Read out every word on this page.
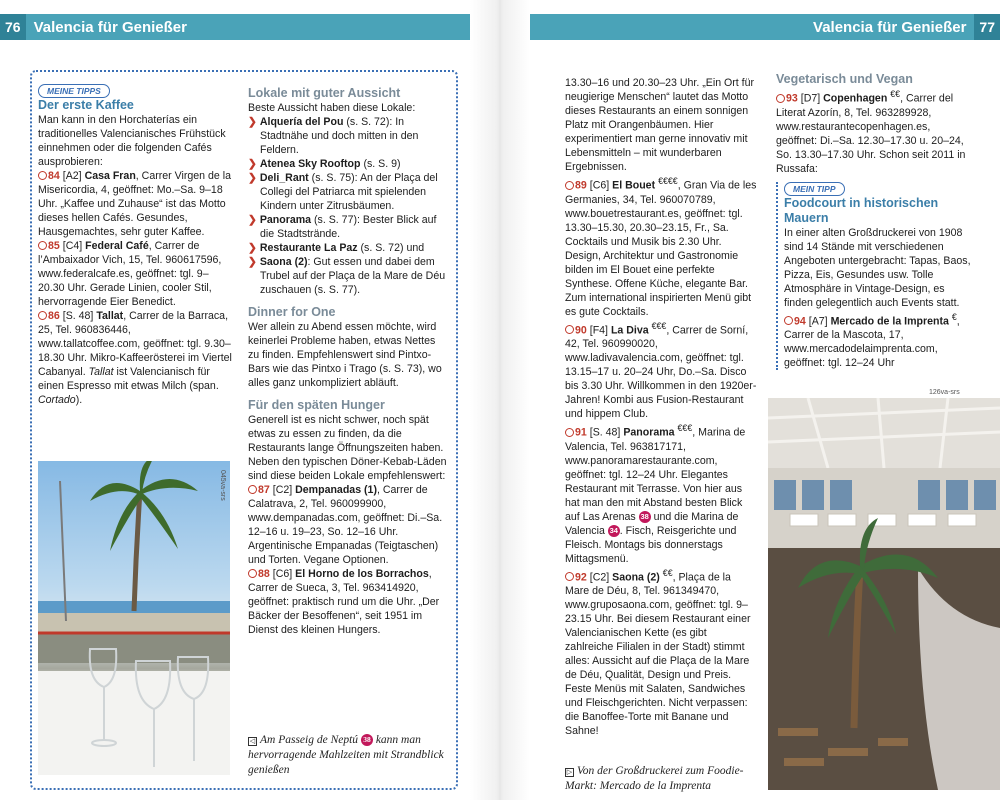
76 Valencia für Genießer	Valencia für Genießer 77
MEINE TIPPS
Der erste Kaffee

Man kann in den Horchaterías ein traditionelles Valencianisches Frühstück einnehmen oder die folgenden Cafés ausprobieren:

84 [A2] Casa Fran, Carrer Virgen de la Misericordia, 4, geöffnet: Mo.–Sa. 9–18 Uhr. „Kaffee und Zuhause“ ist das Motto dieses hellen Cafés. Gesundes, Hausgemachtes, sehr guter Kaffee.

85 [C4] Federal Café, Carrer de l’Ambaixador Vich, 15, Tel. 960617596, www.federalcafe.es, geöffnet: tgl. 9–20.30 Uhr. Gerade Linien, cooler Stil, hervorragende Eier Benedict.

86 [S. 48] Tallat, Carrer de la Barraca, 25, Tel. 960836446, www.tallatcoffee.com, geöffnet: tgl. 9.30–18.30 Uhr. Mikro-Kaffeerösterei im Viertel Cabanyal. Tallat ist Valencianisch für einen Espresso mit etwas Milch (span. Cortado).

045va-srs
Lokale mit guter Aussicht

Beste Aussicht haben diese Lokale:

❯ Alquería del Pou (s. S. 72): In Stadtnähe und doch mitten in den Feldern.

❯ Atenea Sky Rooftop (s. S. 9)

❯ Deli_Rant (s. S. 75): An der Plaça del Collegi del Patriarca mit spielenden Kindern unter Zitrusbäumen.

❯ Panorama (s. S. 77): Bester Blick auf die Stadtstrände.

❯ Restaurante La Paz (s. S. 72) und

❯ Saona (2): Gut essen und dabei dem Trubel auf der Plaça de la Mare de Déu zuschauen (s. S. 77).

Dinner for One

Wer allein zu Abend essen möchte, wird keinerlei Probleme haben, etwas Nettes zu finden. Empfehlenswert sind Pintxo-Bars wie das Pintxo i Trago (s. S. 73), wo alles ganz unkompliziert abläuft.

Für den späten Hunger

Generell ist es nicht schwer, noch spät etwas zu essen zu finden, da die Restaurants lange Öffnungszeiten haben. Neben den typischen Döner-Kebab-Läden sind diese beiden Lokale empfehlenswert:

87 [C2] Dempanadas (1), Carrer de Calatrava, 2, Tel. 960099900, www.dempanadas.com, geöffnet: Di.–Sa. 12–16 u. 19–23, So. 12–16 Uhr. Argentinische Empanadas (Teigtaschen) und Torten. Vegane Optionen.

88 [C6] El Horno de los Borrachos, Carrer de Sueca, 3, Tel. 963414920, geöffnet: praktisch rund um die Uhr. „Der Bäcker der Besoffenen“, seit 1951 im Dienst des kleinen Hungers.

◁ Am Passeig de Neptú 38 kann man hervorragende Mahlzeiten mit Strandblick genießen

13.30–16 und 20.30–23 Uhr. „Ein Ort für neugierige Menschen“ lautet das Motto dieses Restaurants an einem sonnigen Platz mit Orangenbäumen. Hier experimentiert man gerne innovativ mit Lebensmitteln – mit wunderbaren Ergebnissen.

89 [C6] El Bouet €€€€, Gran Via de les Germanies, 34, Tel. 960070789, www.bouetrestaurant.es, geöffnet: tgl. 13.30–15.30, 20.30–23.15, Fr., Sa. Cocktails und Musik bis 2.30 Uhr. Design, Architektur und Gastronomie bilden im El Bouet eine perfekte Synthese. Offene Küche, elegante Bar. Zum international inspirierten Menü gibt es gute Cocktails.

90 [F4] La Diva €€€, Carrer de Sorní, 42, Tel. 960990020, www.ladivavalencia.com, geöffnet: tgl. 13.15–17 u. 20–24 Uhr, Do.–Sa. Disco bis 3.30 Uhr. Willkommen in den 1920er-Jahren! Kombi aus Fusion-Restaurant und hippem Club.

91 [S. 48] Panorama €€€, Marina de Valencia, Tel. 963817171, www.panoramarestaurante.com, geöffnet: tgl. 12–24 Uhr. Elegantes Restaurant mit Terrasse. Von hier aus hat man den mit Abstand besten Blick auf Las Arenas 38 und die Marina de Valencia 34 . Fisch, Reisgerichte und Fleisch. Montags bis donnerstags Mittagsmenü.

92 [C2] Saona (2) €€, Plaça de la Mare de Déu, 8, Tel. 961349470, www.gruposaona.com, geöffnet: tgl. 9–23.15 Uhr. Bei diesem Restaurant einer Valencianischen Kette (es gibt zahlreiche Filialen in der Stadt) stimmt alles: Aussicht auf die Plaça de la Mare de Déu, Qualität, Design und Preis. Feste Menüs mit Salaten, Sandwiches und Fleischgerichten. Nicht verpassen: die Banoffee-Torte mit Banane und Sahne!

▷ Von der Großdruckerei zum Foodie-Markt: Mercado de la Imprenta
Vegetarisch und Vegan

93 [D7] Copenhagen €€, Carrer del Literat Azorín, 8, Tel. 963289928, www.restaurantecopenhagen.es, geöffnet: Di.–Sa. 12.30–17.30 u. 20–24, So. 13.30–17.30 Uhr. Schon seit 2011 in Russafa:

MEIN TIPP
Foodcourt in historischen Mauern

In einer alten Großdruckerei von 1908 sind 14 Stände mit verschiedenen Angeboten untergebracht: Tapas, Baos, Pizza, Eis, Gesundes usw. Tolle Atmosphäre in Vintage-Design, es finden gelegentlich auch Events statt.

94 [A7] Mercado de la Imprenta €, Carrer de la Mascota, 17, www.mercadodelaimprenta.com, geöffnet: tgl. 12–24 Uhr

126va-srs
